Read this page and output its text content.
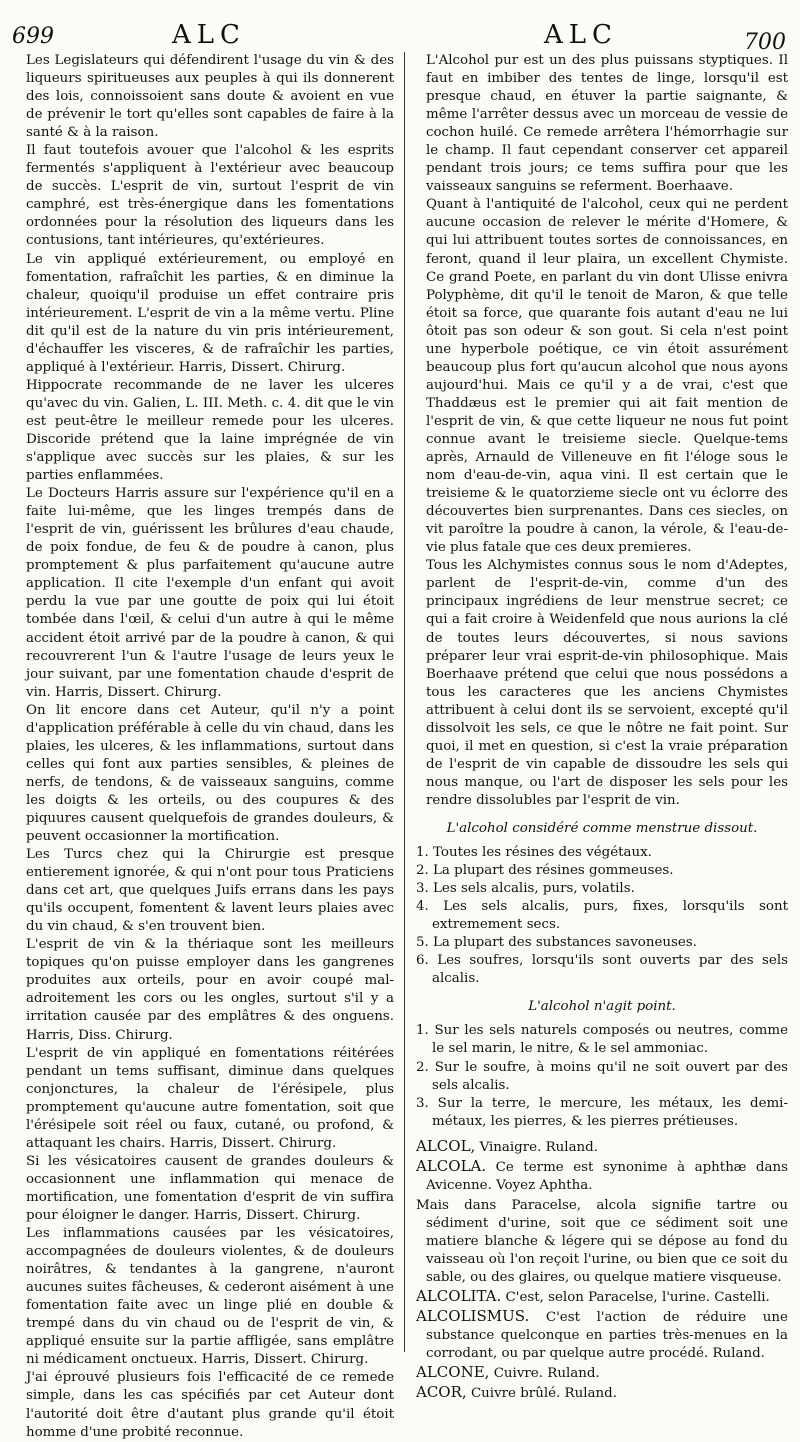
699	ALC	ALC	700

Les Legislateurs qui défendirent l'usage du vin & des liqueurs spiritueuses aux peuples à qui ils donnerent des lois, connoissoient sans doute & avoient en vue de prévenir le tort qu'elles sont capables de faire à la santé & à la raison.

Il faut toutefois avouer que l'alcohol & les esprits fermentés s'appliquent à l'extérieur avec beaucoup de succès. L'esprit de vin, surtout l'esprit de vin camphré, est très-énergique dans les fomentations ordonnées pour la résolution des liqueurs dans les contusions, tant intérieures, qu'extérieures.

Le vin appliqué extérieurement, ou employé en fomentation, rafraîchit les parties, & en diminue la chaleur, quoiqu'il produise un effet contraire pris intérieurement. L'esprit de vin a la même vertu. Pline dit qu'il est de la nature du vin pris intérieurement, d'échauffer les visceres, & de rafraîchir les parties, appliqué à l'extérieur. Harris, Dissert. Chirurg.

Hippocrate recommande de ne laver les ulceres qu'avec du vin. Galien, L. III. Meth. c. 4. dit que le vin est peut-être le meilleur remede pour les ulceres. Discoride prétend que la laine imprégnée de vin s'applique avec succès sur les plaies, & sur les parties enflammées.

Le Docteurs Harris assure sur l'expérience qu'il en a faite lui-même, que les linges trempés dans de l'esprit de vin, guérissent les brûlures d'eau chaude, de poix fondue, de feu & de poudre à canon, plus promptement & plus parfaitement qu'aucune autre application. Il cite l'exemple d'un enfant qui avoit perdu la vue par une goutte de poix qui lui étoit tombée dans l'œil, & celui d'un autre à qui le même accident étoit arrivé par de la poudre à canon, & qui recouvrerent l'un & l'autre l'usage de leurs yeux le jour suivant, par une fomentation chaude d'esprit de vin. Harris, Dissert. Chirurg.

On lit encore dans cet Auteur, qu'il n'y a point d'application préférable à celle du vin chaud, dans les plaies, les ulceres, & les inflammations, surtout dans celles qui font aux parties sensibles, & pleines de nerfs, de tendons, & de vaisseaux sanguins, comme les doigts & les orteils, ou des coupures & des piquures causent quelquefois de grandes douleurs, & peuvent occasionner la mortification.

Les Turcs chez qui la Chirurgie est presque entierement ignorée, & qui n'ont pour tous Praticiens dans cet art, que quelques Juifs errans dans les pays qu'ils occupent, fomentent & lavent leurs plaies avec du vin chaud, & s'en trouvent bien.

L'esprit de vin & la thériaque sont les meilleurs topiques qu'on puisse employer dans les gangrenes produites aux orteils, pour en avoir coupé mal-adroitement les cors ou les ongles, surtout s'il y a irritation causée par des emplâtres & des onguens. Harris, Diss. Chirurg.

L'esprit de vin appliqué en fomentations réitérées pendant un tems suffisant, diminue dans quelques conjonctures, la chaleur de l'érésipele, plus promptement qu'aucune autre fomentation, soit que l'érésipele soit réel ou faux, cutané, ou profond, & attaquant les chairs. Harris, Dissert. Chirurg.

Si les vésicatoires causent de grandes douleurs & occasionnent une inflammation qui menace de mortification, une fomentation d'esprit de vin suffira pour éloigner le danger. Harris, Dissert. Chirurg.

Les inflammations causées par les vésicatoires, accompagnées de douleurs violentes, & de douleurs noirâtres, & tendantes à la gangrene, n'auront aucunes suites fâcheuses, & cederont aisément à une fomentation faite avec un linge plié en double & trempé dans du vin chaud ou de l'esprit de vin, & appliqué ensuite sur la partie affligée, sans emplâtre ni médicament onctueux. Harris, Dissert. Chirurg.

J'ai éprouvé plusieurs fois l'efficacité de ce remede simple, dans les cas spécifiés par cet Auteur dont l'autorité doit être d'autant plus grande qu'il étoit homme d'une probité reconnue.

L'Alcohol pur est un des plus puissans styptiques. Il faut en imbiber des tentes de linge, lorsqu'il est presque chaud, en étuver la partie saignante, & même l'arrêter dessus avec un morceau de vessie de cochon huilé. Ce remede arrêtera l'hémorrhagie sur le champ. Il faut cependant conserver cet appareil pendant trois jours; ce tems suffira pour que les vaisseaux sanguins se referment. Boerhaave.

Quant à l'antiquité de l'alcohol, ceux qui ne perdent aucune occasion de relever le mérite d'Homere, & qui lui attribuent toutes sortes de connoissances, en feront, quand il leur plaira, un excellent Chymiste. Ce grand Poete, en parlant du vin dont Ulisse enivra Polyphème, dit qu'il le tenoit de Maron, & que telle étoit sa force, que quarante fois autant d'eau ne lui ôtoit pas son odeur & son gout. Si cela n'est point une hyperbole poétique, ce vin étoit assurément beaucoup plus fort qu'aucun alcohol que nous ayons aujourd'hui. Mais ce qu'il y a de vrai, c'est que Thaddæus est le premier qui ait fait mention de l'esprit de vin, & que cette liqueur ne nous fut point connue avant le treisieme siecle. Quelque-tems après, Arnauld de Villeneuve en fit l'éloge sous le nom d'eau-de-vin, aqua vini. Il est certain que le treisieme & le quatorzieme siecle ont vu éclorre des découvertes bien surprenantes. Dans ces siecles, on vit paroître la poudre à canon, la vérole, & l'eau-de-vie plus fatale que ces deux premieres.

Tous les Alchymistes connus sous le nom d'Adeptes, parlent de l'esprit-de-vin, comme d'un des principaux ingrédiens de leur menstrue secret; ce qui a fait croire à Weidenfeld que nous aurions la clé de toutes leurs découvertes, si nous savions préparer leur vrai esprit-de-vin philosophique. Mais Boerhaave prétend que celui que nous possédons a tous les caracteres que les anciens Chymistes attribuent à celui dont ils se servoient, excepté qu'il dissolvoit les sels, ce que le nôtre ne fait point. Sur quoi, il met en question, si c'est la vraie préparation de l'esprit de vin capable de dissoudre les sels qui nous manque, ou l'art de disposer les sels pour les rendre dissolubles par l'esprit de vin.

L'alcohol considéré comme menstrue dissout.
1. Toutes les résines des végétaux.
2. La plupart des résines gommeuses.
3. Les sels alcalis, purs, volatils.
4. Les sels alcalis, purs, fixes, lorsqu'ils sont extremement secs.
5. La plupart des substances savoneuses.
6. Les soufres, lorsqu'ils sont ouverts par des sels alcalis.
L'alcohol n'agit point.
1. Sur les sels naturels composés ou neutres, comme le sel marin, le nitre, & le sel ammoniac.
2. Sur le soufre, à moins qu'il ne soit ouvert par des sels alcalis.
3. Sur la terre, le mercure, les métaux, les demi-métaux, les pierres, & les pierres prétieuses.

ALCOL, Vinaigre. Ruland.

ALCOLA. Ce terme est synonime à aphthæ dans Avicenne. Voyez Aphtha.

Mais dans Paracelse, alcola signifie tartre ou sédiment d'urine, soit que ce sédiment soit une matiere blanche & légere qui se dépose au fond du vaisseau où l'on reçoit l'urine, ou bien que ce soit du sable, ou des glaires, ou quelque matiere visqueuse.

ALCOLITA. C'est, selon Paracelse, l'urine. Castelli.

ALCOLISMUS. C'est l'action de réduire une substance quelconque en parties très-menues en la corrodant, ou par quelque autre procédé. Ruland.

ALCONE, Cuivre. Ruland.

ACOR, Cuivre brûlé. Ruland.
